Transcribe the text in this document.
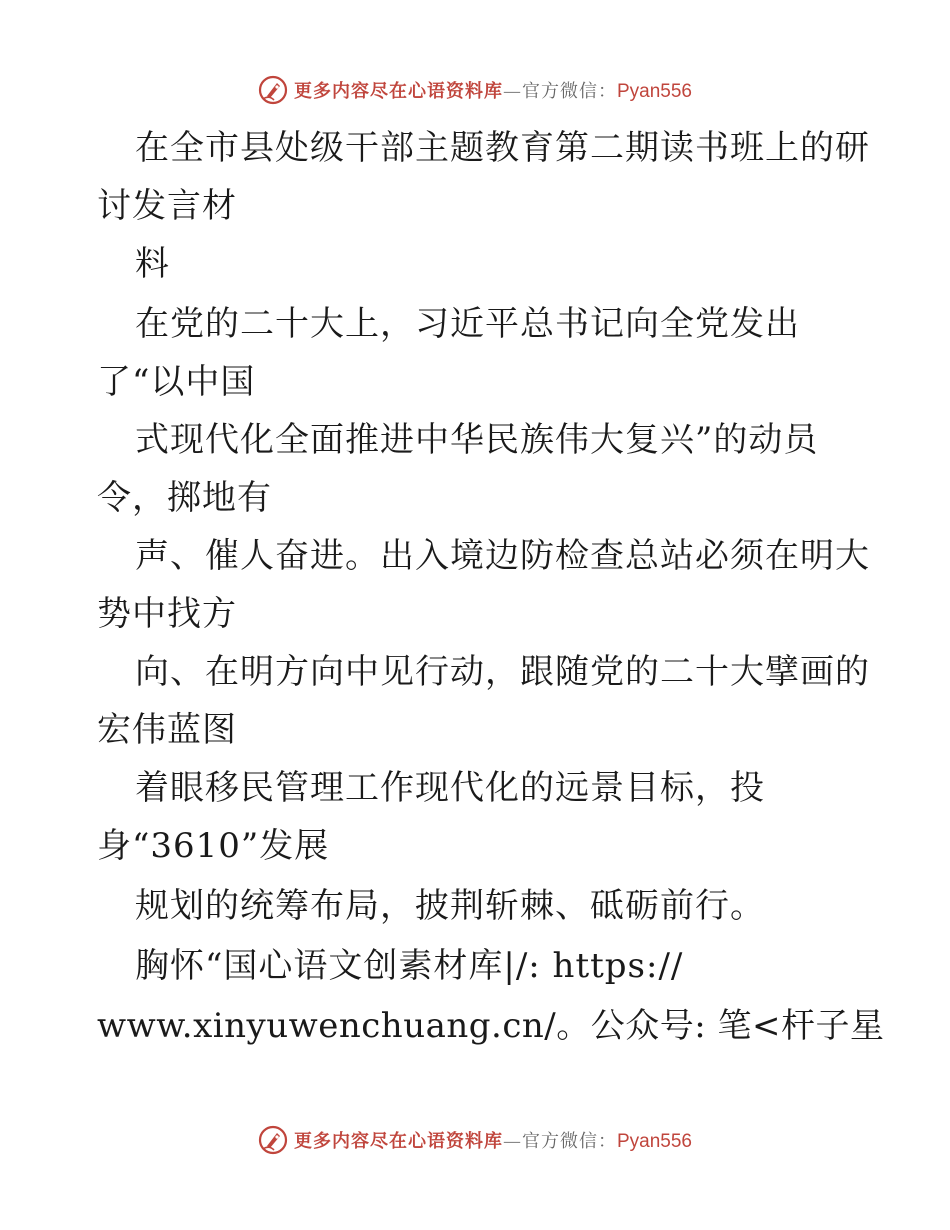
更多内容尽在心语资料库—官方微信：Pyan556
在全市县处级干部主题教育第二期读书班上的研
讨发言材
料
在党的二十大上，习近平总书记向全党发出
了“以中国
式现代化全面推进中华民族伟大复兴”的动员
令，掷地有
声、催人奋进。出入境边防检查总站必须在明大
势中找方
向、在明方向中见行动，跟随党的二十大擘画的
宏伟蓝图
着眼移民管理工作现代化的远景目标，投
身“3610”发展
规划的统筹布局，披荆斩棘、砥砺前行。
胸怀“国心语文创素材库|/: https://
www.xinyuwenchuang.cn/。公众号: 笔<杆子星
更多内容尽在心语资料库—官方微信：Pyan556
